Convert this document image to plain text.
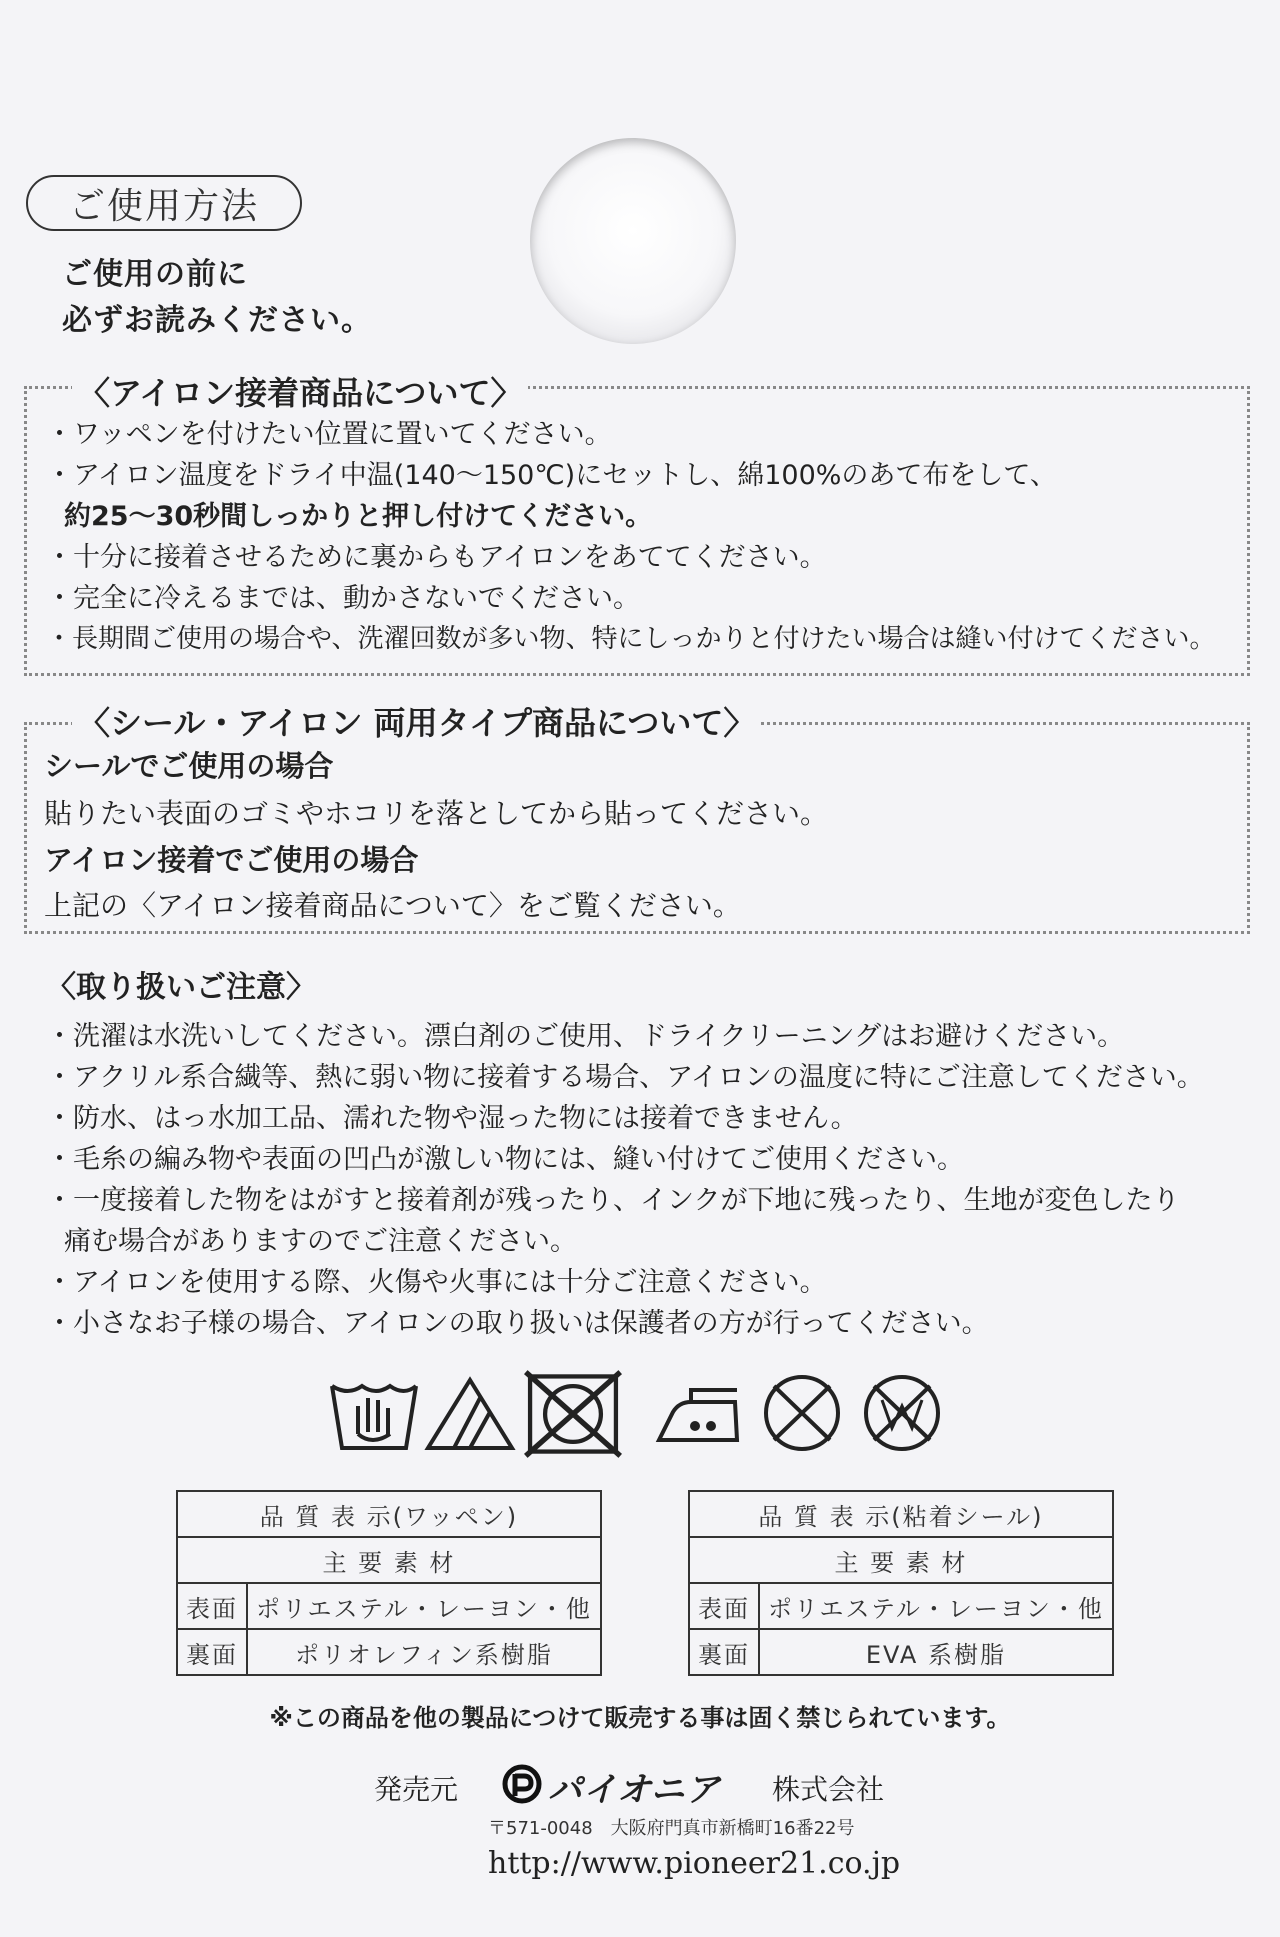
ご使用方法
ご使用の前に
必ずお読みください。
〈アイロン接着商品について〉
・ワッペンを付けたい位置に置いてください。
・アイロン温度をドライ中温(140〜150℃)にセットし、綿100%のあて布をして、
約25〜30秒間しっかりと押し付けてください。
・十分に接着させるために裏からもアイロンをあててください。
・完全に冷えるまでは、動かさないでください。
・長期間ご使用の場合や、洗濯回数が多い物、特にしっかりと付けたい場合は縫い付けてください。
〈シール・アイロン 両用タイプ商品について〉
シールでご使用の場合
貼りたい表面のゴミやホコリを落としてから貼ってください。
アイロン接着でご使用の場合
上記の〈アイロン接着商品について〉をご覧ください。
〈取り扱いご注意〉
・洗濯は水洗いしてください。漂白剤のご使用、ドライクリーニングはお避けください。
・アクリル系合繊等、熱に弱い物に接着する場合、アイロンの温度に特にご注意してください。
・防水、はっ水加工品、濡れた物や湿った物には接着できません。
・毛糸の編み物や表面の凹凸が激しい物には、縫い付けてご使用ください。
・一度接着した物をはがすと接着剤が残ったり、インクが下地に残ったり、生地が変色したり
痛む場合がありますのでご注意ください。
・アイロンを使用する際、火傷や火事には十分ご注意ください。
・小さなお子様の場合、アイロンの取り扱いは保護者の方が行ってください。
品 質 表 示(ワッペン)	
主 要 素 材	
表面	ポリエステル・レーヨン・他
裏面	ポリオレフィン系樹脂
品 質 表 示(粘着シール)	
主 要 素 材	
表面	ポリエステル・レーヨン・他
裏面	EVA 系樹脂
※この商品を他の製品につけて販売する事は固く禁じられています。
発売元	パイオニア 株式会社
〒571-0048　大阪府門真市新橋町16番22号
http://www.pioneer21.co.jp
